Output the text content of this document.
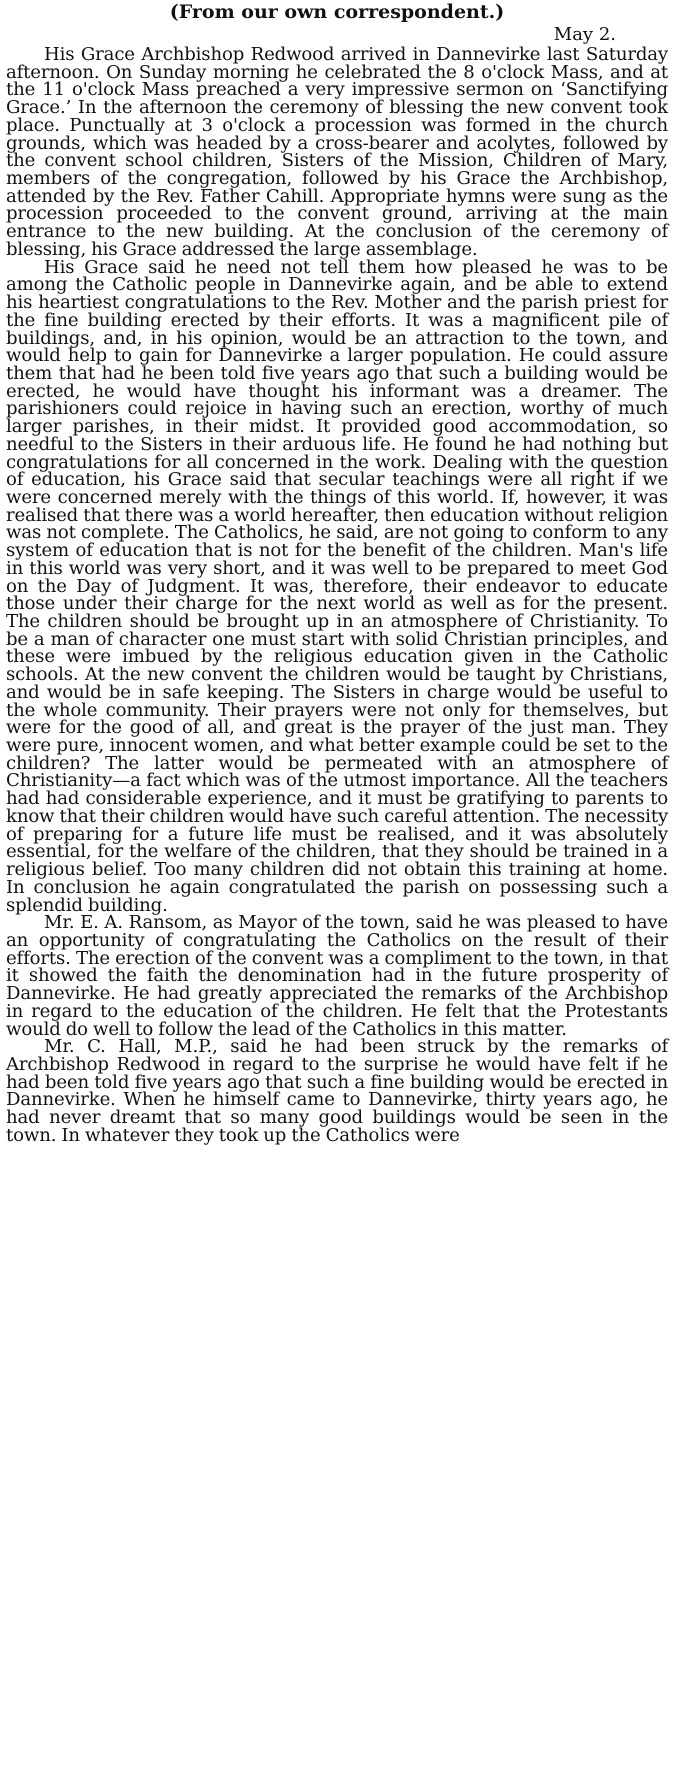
(From our own correspondent.)
May 2.

His Grace Archbishop Redwood arrived in Dannevirke last Saturday afternoon. On Sunday morning he celebrated the 8 o'clock Mass, and at the 11 o'clock Mass preached a very impressive sermon on ‘Sanctifying Grace.’ In the afternoon the ceremony of blessing the new convent took place. Punctually at 3 o'clock a procession was formed in the church grounds, which was headed by a cross-bearer and acolytes, followed by the convent school children, Sisters of the Mission, Children of Mary, members of the congregation, followed by his Grace the Archbishop, attended by the Rev. Father Cahill. Appropriate hymns were sung as the procession proceeded to the convent ground, arriving at the main entrance to the new building. At the conclusion of the ceremony of blessing, his Grace addressed the large assemblage.

His Grace said he need not tell them how pleased he was to be among the Catholic people in Dannevirke again, and be able to extend his heartiest congratulations to the Rev. Mother and the parish priest for the fine building erected by their efforts. It was a magnificent pile of buildings, and, in his opinion, would be an attraction to the town, and would help to gain for Dannevirke a larger population. He could assure them that had he been told five years ago that such a building would be erected, he would have thought his informant was a dreamer. The parishioners could rejoice in having such an erection, worthy of much larger parishes, in their midst. It provided good accommodation, so needful to the Sisters in their arduous life. He found he had nothing but congratulations for all concerned in the work. Dealing with the question of education, his Grace said that secular teachings were all right if we were concerned merely with the things of this world. If, however, it was realised that there was a world hereafter, then education without religion was not complete. The Catholics, he said, are not going to conform to any system of education that is not for the benefit of the children. Man's life in this world was very short, and it was well to be prepared to meet God on the Day of Judgment. It was, therefore, their endeavor to educate those under their charge for the next world as well as for the present. The children should be brought up in an atmosphere of Christianity. To be a man of character one must start with solid Christian principles, and these were imbued by the religious education given in the Catholic schools. At the new convent the children would be taught by Christians, and would be in safe keeping. The Sisters in charge would be useful to the whole community. Their prayers were not only for themselves, but were for the good of all, and great is the prayer of the just man. They were pure, innocent women, and what better example could be set to the children? The latter would be permeated with an atmosphere of Christianity—a fact which was of the utmost importance. All the teachers had had considerable experience, and it must be gratifying to parents to know that their children would have such careful attention. The necessity of preparing for a future life must be realised, and it was absolutely essential, for the welfare of the children, that they should be trained in a religious belief. Too many children did not obtain this training at home. In conclusion he again congratulated the parish on possessing such a splendid building.

Mr. E. A. Ransom, as Mayor of the town, said he was pleased to have an opportunity of congratulating the Catholics on the result of their efforts. The erection of the convent was a compliment to the town, in that it showed the faith the denomination had in the future prosperity of Dannevirke. He had greatly appreciated the remarks of the Archbishop in regard to the education of the children. He felt that the Protestants would do well to follow the lead of the Catholics in this matter.

Mr. C. Hall, M.P., said he had been struck by the remarks of Archbishop Redwood in regard to the surprise he would have felt if he had been told five years ago that such a fine building would be erected in Dannevirke. When he himself came to Dannevirke, thirty years ago, he had never dreamt that so many good buildings would be seen in the town. In whatever they took up the Catholics were
